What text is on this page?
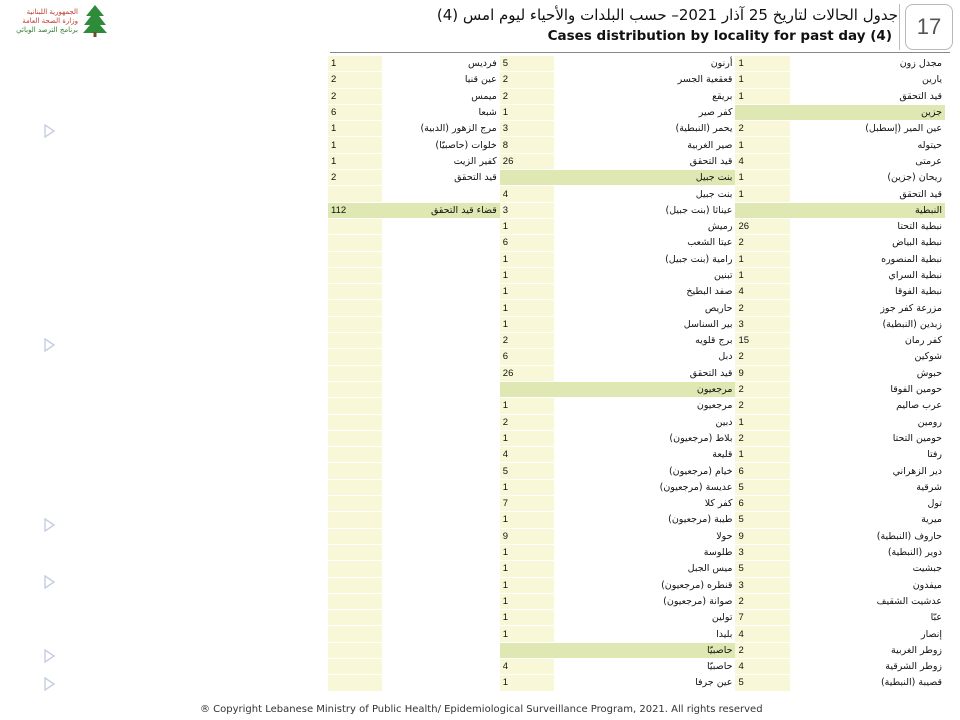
الجمهورية اللبنانية
وزارة الصحة العامة
برنامج الترصد الوبائي
جدول الحالات لتاريخ 25 آذار 2021– حسب البلدات والأحياء ليوم امس (4)
Cases distribution by locality for past day (4)	17
1	فرديس	5	أرنون	1	مجدل زون
2	عين قنيا	2	قعقعية الجسر	1	يارين
2	ميمس	2	بريقع	1	قيد التحقق
6	شبعا	1	كفر صير		جزين
1	مرج الزهور (الدبية)	3	يحمر (النبطية)	2	عين المير (إسطبل)
1	خلوات (حاصبيّا)	8	صير الغربية	1	حيتوله
1	كفير الزيت	26	قيد التحقق	4	عرمتى
2	قيد التحقق		بنت جبيل	1	ريحان (جزين)
		4	بنت جبيل	1	قيد التحقق
112	قضاء قيد التحقق	3	عيناثا (بنت جبيل)		النبطية
		1	رميش	26	نبطية التحتا
		6	عيتا الشعب	2	نبطية البياض
		1	رامية (بنت جبيل)	1	نبطية المنصوره
		1	تبنين	1	نبطية السراي
		1	صفد البطيخ	4	نبطية الفوقا
		1	حاريص	2	مزرعة كفر جوز
		1	بير السناسل	3	زبدين (النبطية)
		2	برج قلويه	15	كفر رمان
		6	دبل	2	شوكين
		26	قيد التحقق	9	حبوش
			مرجعيون	2	حومين الفوقا
		1	مرجعيون	2	عرب صاليم
		2	دبين	1	رومين
		1	بلاط (مرجعيون)	2	حومين التحتا
		4	قليعة	1	رفتا
		5	خيام (مرجعيون)	6	دير الزهراني
		1	عديسة (مرجعيون)	5	شرقية
		7	كفر كلا	6	تول
		1	طيبة (مرجعيون)	5	ميرية
		9	حولا	9	حاروف (النبطية)
		1	طلوسة	3	دوير (النبطية)
		1	ميس الجبل	5	جبشيت
		1	قنطره (مرجعيون)	3	ميفدون
		1	صوانة (مرجعيون)	2	عدشيت الشقيف
		1	تولين	7	عبّا
		1	بليدا	4	إنصار
			حاصبيّا	2	زوطر الغربية
		4	حاصبيّا	4	زوطر الشرقية
		1	عين جرفا	5	قصيبة (النبطية)
® Copyright Lebanese Ministry of Public Health/ Epidemiological Surveillance Program, 2021. All rights reserved
